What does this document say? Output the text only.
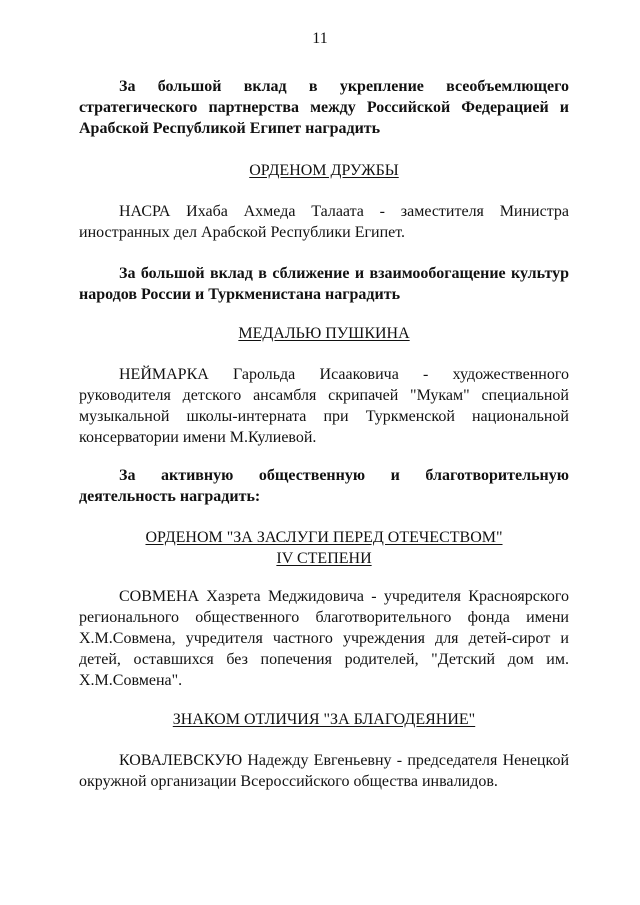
11
За большой вклад в укрепление всеобъемлющего стратегического партнерства между Российской Федерацией и Арабской Республикой Египет наградить
ОРДЕНОМ ДРУЖБЫ
НАСРА Ихаба Ахмеда Талаата - заместителя Министра иностранных дел Арабской Республики Египет.
За большой вклад в сближение и взаимообогащение культур народов России и Туркменистана наградить
МЕДАЛЬЮ ПУШКИНА
НЕЙМАРКА Гарольда Исааковича - художественного руководителя детского ансамбля скрипачей "Мукам" специальной музыкальной школы-интерната при Туркменской национальной консерватории имени М.Кулиевой.
За активную общественную и благотворительную деятельность наградить:
ОРДЕНОМ "ЗА ЗАСЛУГИ ПЕРЕД ОТЕЧЕСТВОМ"
IV СТЕПЕНИ
СОВМЕНА Хазрета Меджидовича - учредителя Красноярского регионального общественного благотворительного фонда имени Х.М.Совмена, учредителя частного учреждения для детей-сирот и детей, оставшихся без попечения родителей, "Детский дом им. Х.М.Совмена".
ЗНАКОМ ОТЛИЧИЯ "ЗА БЛАГОДЕЯНИЕ"
КОВАЛЕВСКУЮ Надежду Евгеньевну - председателя Ненецкой окружной организации Всероссийского общества инвалидов.
